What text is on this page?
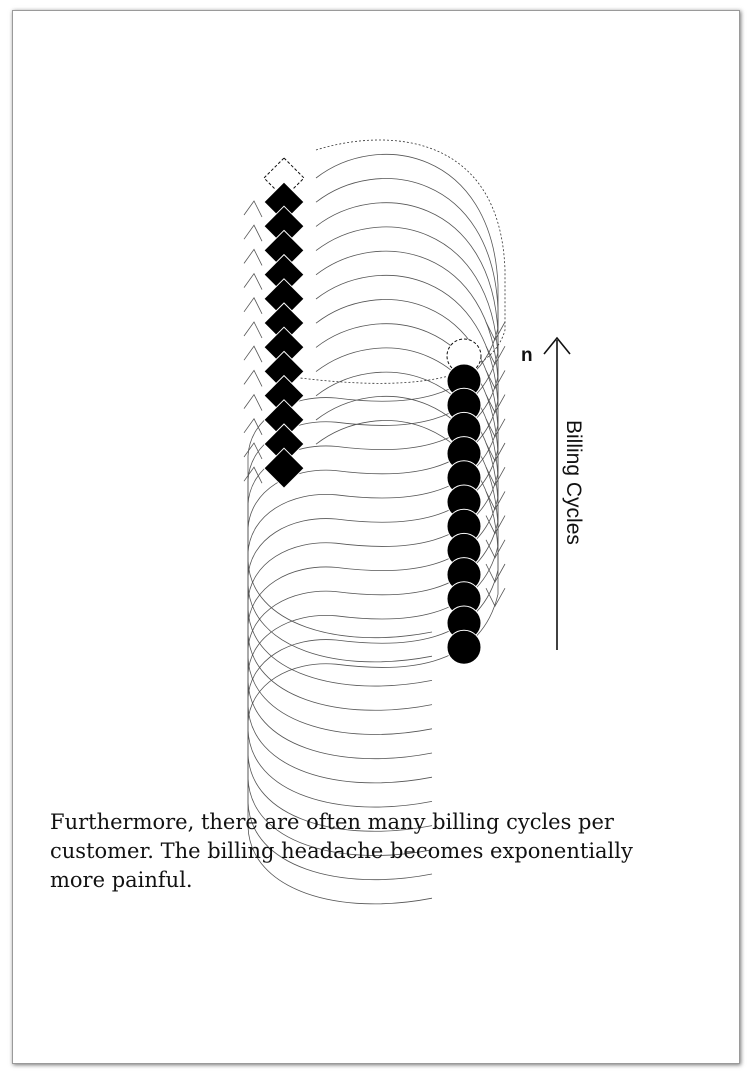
n
Billing Cycles

Furthermore, there are often many billing cycles per customer. The billing headache becomes exponentially more painful.
